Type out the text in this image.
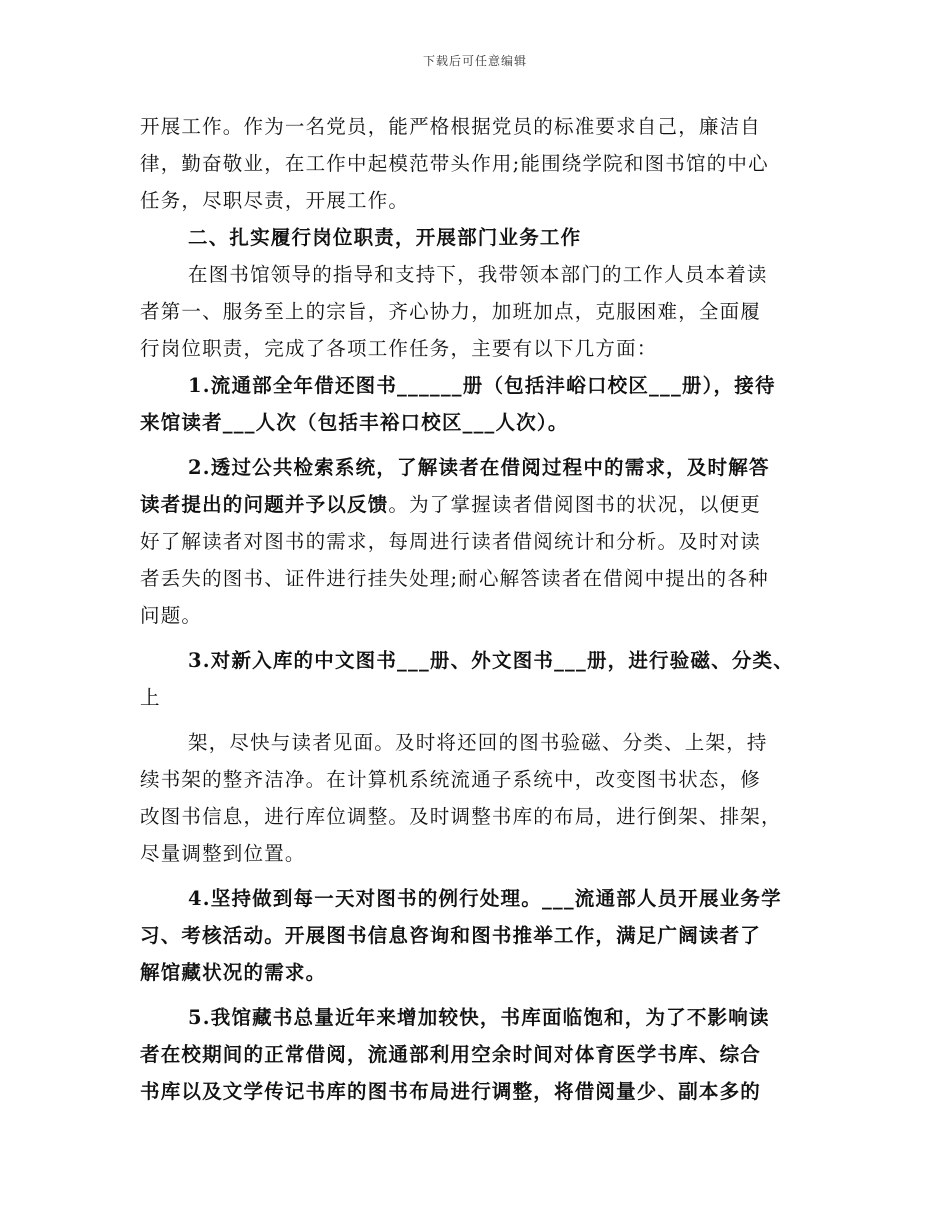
下载后可任意编辑
开展工作。作为一名党员，能严格根据党员的标准要求自己，廉洁自
律，勤奋敬业，在工作中起模范带头作用;能围绕学院和图书馆的中心
任务，尽职尽责，开展工作。
二、扎实履行岗位职责，开展部门业务工作
在图书馆领导的指导和支持下，我带领本部门的工作人员本着读
者第一、服务至上的宗旨，齐心协力，加班加点，克服困难，全面履
行岗位职责，完成了各项工作任务，主要有以下几方面：
1.流通部全年借还图书______册（包括沣峪口校区___册），接待
来馆读者___人次（包括丰裕口校区___人次）。
2.透过公共检索系统，了解读者在借阅过程中的需求，及时解答
读者提出的问题并予以反馈。为了掌握读者借阅图书的状况，以便更
好了解读者对图书的需求，每周进行读者借阅统计和分析。及时对读
者丢失的图书、证件进行挂失处理;耐心解答读者在借阅中提出的各种
问题。
3.对新入库的中文图书___册、外文图书___册，进行验磁、分类、
上
架，尽快与读者见面。及时将还回的图书验磁、分类、上架，持
续书架的整齐洁净。在计算机系统流通子系统中，改变图书状态，修
改图书信息，进行库位调整。及时调整书库的布局，进行倒架、排架，
尽量调整到位置。
4.坚持做到每一天对图书的例行处理。___流通部人员开展业务学
习、考核活动。开展图书信息咨询和图书推举工作，满足广阔读者了
解馆藏状况的需求。
5.我馆藏书总量近年来增加较快，书库面临饱和，为了不影响读
者在校期间的正常借阅，流通部利用空余时间对体育医学书库、综合
书库以及文学传记书库的图书布局进行调整，将借阅量少、副本多的
